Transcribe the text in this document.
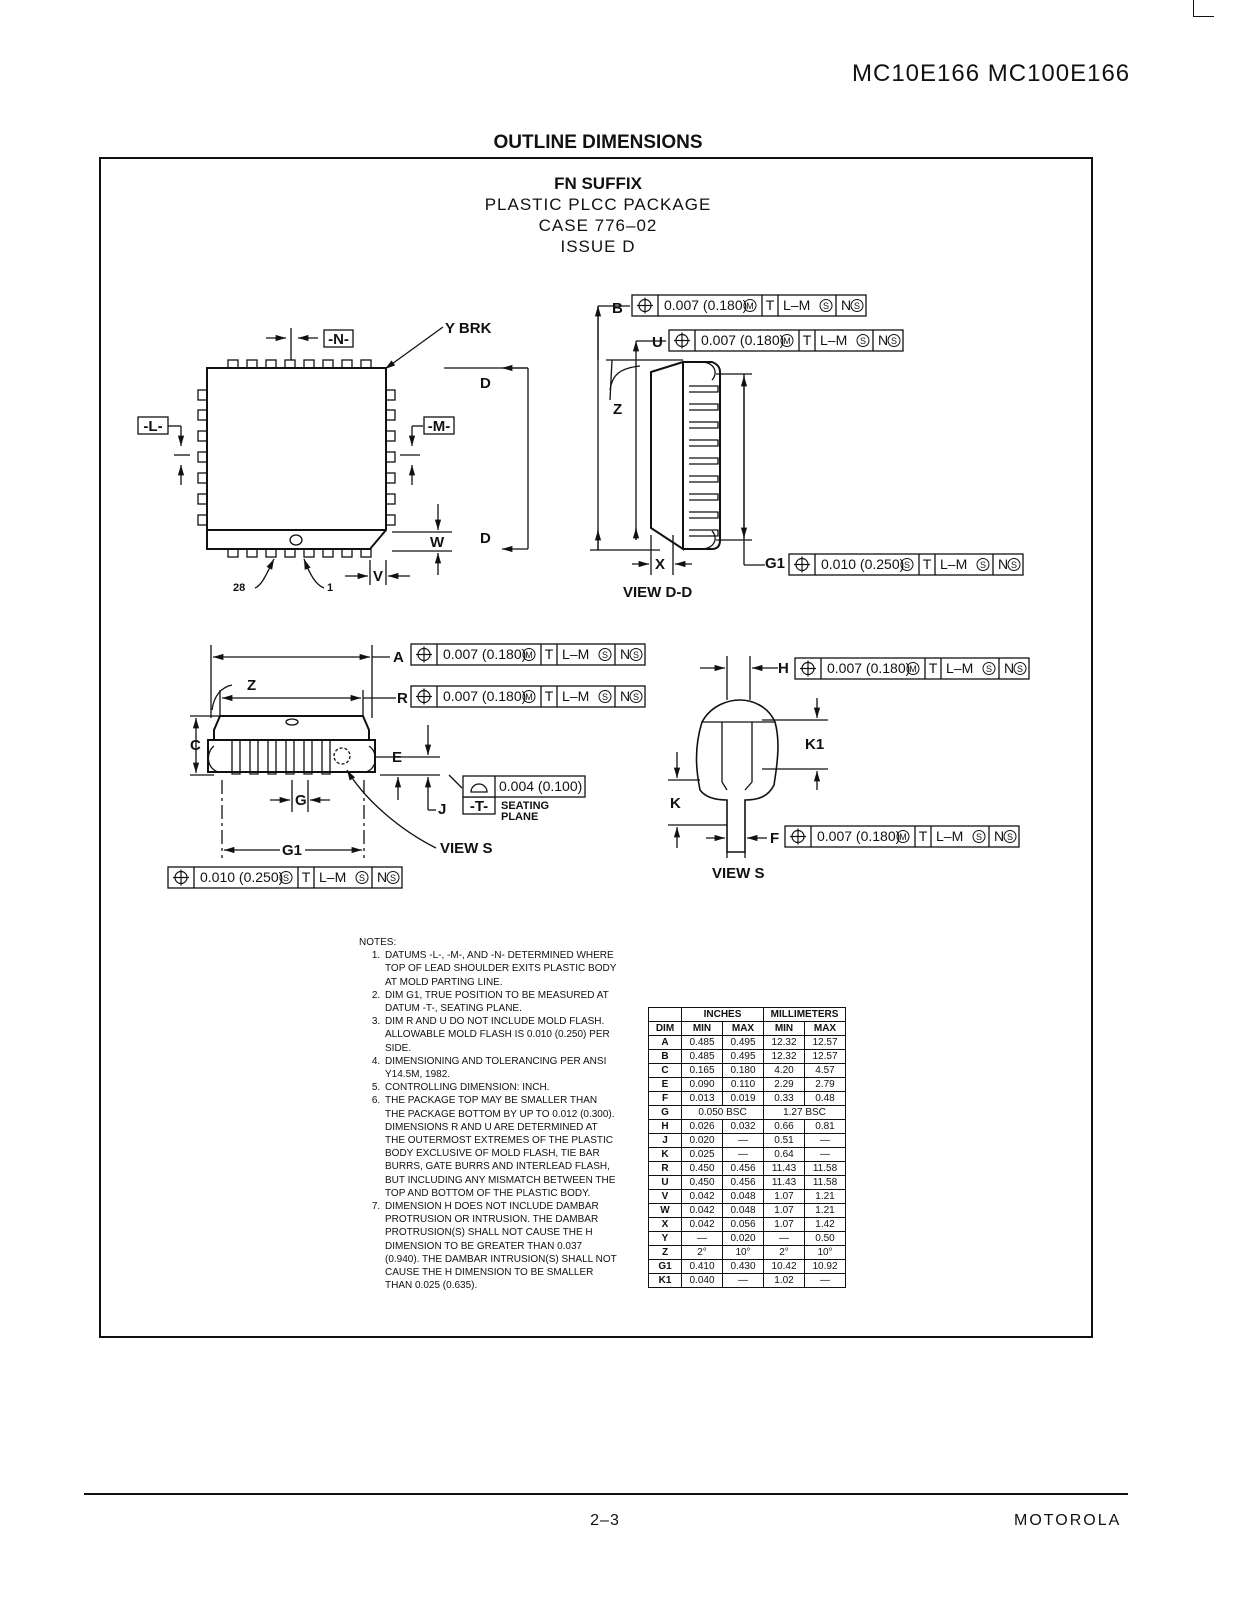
MC10E166 MC100E166
OUTLINE DIMENSIONS
FN SUFFIX
PLASTIC PLCC PACKAGE
CASE 776–02
ISSUE D
Y BRK
-N-
-L-	-M-
D
D
W
V
28	1
B
U
Z
X	G1
VIEW D-D
A
R
Z
C
E
G
J
G1	VIEW S
-T- SEATING
PLANE
0.004 (0.100)
H
K1
K
F
VIEW S
0.007 (0.180)
M T L–M S N S
0.007 (0.180)
M T L–M S N S
0.010 (0.250) S T L–M S N S
0.007 (0.180)
M T L–M S N S
0.007 (0.180)
M T L–M S N S
0.007 (0.180)
M T L–M S N S
0.007 (0.180)
M T L–M S N S
0.010 (0.250) S T L–M S N S
NOTES:
1. DATUMS -L-, -M-, AND -N- DETERMINED WHERE TOP OF LEAD SHOULDER EXITS PLASTIC BODY AT MOLD PARTING LINE.
2. DIM G1, TRUE POSITION TO BE MEASURED AT DATUM -T-, SEATING PLANE.
3. DIM R AND U DO NOT INCLUDE MOLD FLASH. ALLOWABLE MOLD FLASH IS 0.010 (0.250) PER SIDE.
4. DIMENSIONING AND TOLERANCING PER ANSI Y14.5M, 1982.
5. CONTROLLING DIMENSION: INCH.
6. THE PACKAGE TOP MAY BE SMALLER THAN THE PACKAGE BOTTOM BY UP TO 0.012 (0.300). DIMENSIONS R AND U ARE DETERMINED AT THE OUTERMOST EXTREMES OF THE PLASTIC BODY EXCLUSIVE OF MOLD FLASH, TIE BAR BURRS, GATE BURRS AND INTERLEAD FLASH, BUT INCLUDING ANY MISMATCH BETWEEN THE TOP AND BOTTOM OF THE PLASTIC BODY.
7. DIMENSION H DOES NOT INCLUDE DAMBAR PROTRUSION OR INTRUSION. THE DAMBAR PROTRUSION(S) SHALL NOT CAUSE THE H DIMENSION TO BE GREATER THAN 0.037 (0.940). THE DAMBAR INTRUSION(S) SHALL NOT CAUSE THE H DIMENSION TO BE SMALLER THAN 0.025 (0.635).
	INCHES		MILLIMETERS	
DIM	MIN	MAX	MIN	MAX
A	0.485	0.495	12.32	12.57
B	0.485	0.495	12.32	12.57
C	0.165	0.180	4.20	4.57
E	0.090	0.110	2.29	2.79
F	0.013	0.019	0.33	0.48
G	0.050 BSC		1.27 BSC	
H	0.026	0.032	0.66	0.81
J	0.020	—	0.51	—
K	0.025	—	0.64	—
R	0.450	0.456	11.43	11.58
U	0.450	0.456	11.43	11.58
V	0.042	0.048	1.07	1.21
W	0.042	0.048	1.07	1.21
X	0.042	0.056	1.07	1.42
Y	—	0.020	—	0.50
Z	2°	10°	2°	10°
G1	0.410	0.430	10.42	10.92
K1	0.040	—	1.02	—
2–3	MOTOROLA
